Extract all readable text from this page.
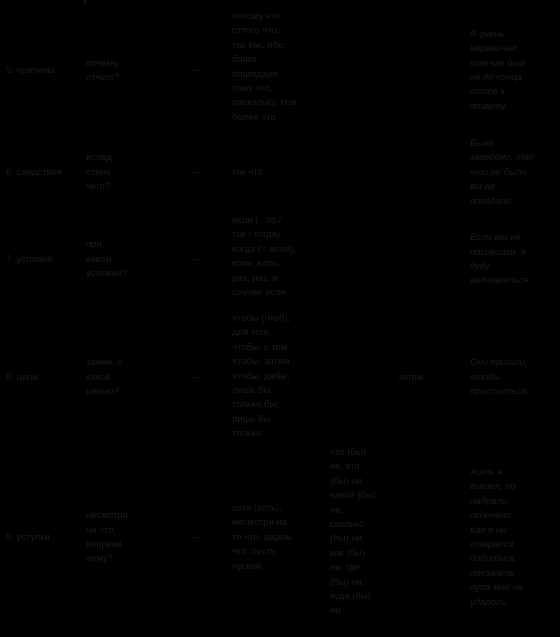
5. причины
почему,
отчего?
—
потому что,
оттого что,
так как, ибо,
благо,
благодаря
тому что,
поскольку, тем
более что
Я очень
нервничал,
так как был
не до конца
готов к
ответу.
6. следствия
вслед-
ствие
чего?
—	так что
Было
заведено, так
что не было
вы не
опоздали.
7. условия
при
каком
условии?
—
если (...то /
так / тогда),
когда (= если),
коли, коль,
раз, раз, в
случае если
Если мы не
поспешим, я
буду
волноваться.
8. цели
зачем, с
какой
целью?
—
чтобы (чтоб),
для того
чтобы, с тем
чтобы, затем
чтобы, дабы,
лишь бы,
только бы,
лишь бы
только
затем
Они пришли,
чтобы
проститься.
9. уступки
несмотря
на что,
вопреки
чему?
—
хотя (хоть),
несмотря на
то что, даром
что, пусть,
пускай
что (бы)
ни, кто
(бы) ни,
какой (бы)
ни,
сколько
(бы) ни,
как (бы)
ни, где
(бы) ни,
куда (бы)
ни
Хоть я
вышел, но
набрали
окончено.
Как я ни
старался
добиться,
поезжать
пуда мне не
удалось.
